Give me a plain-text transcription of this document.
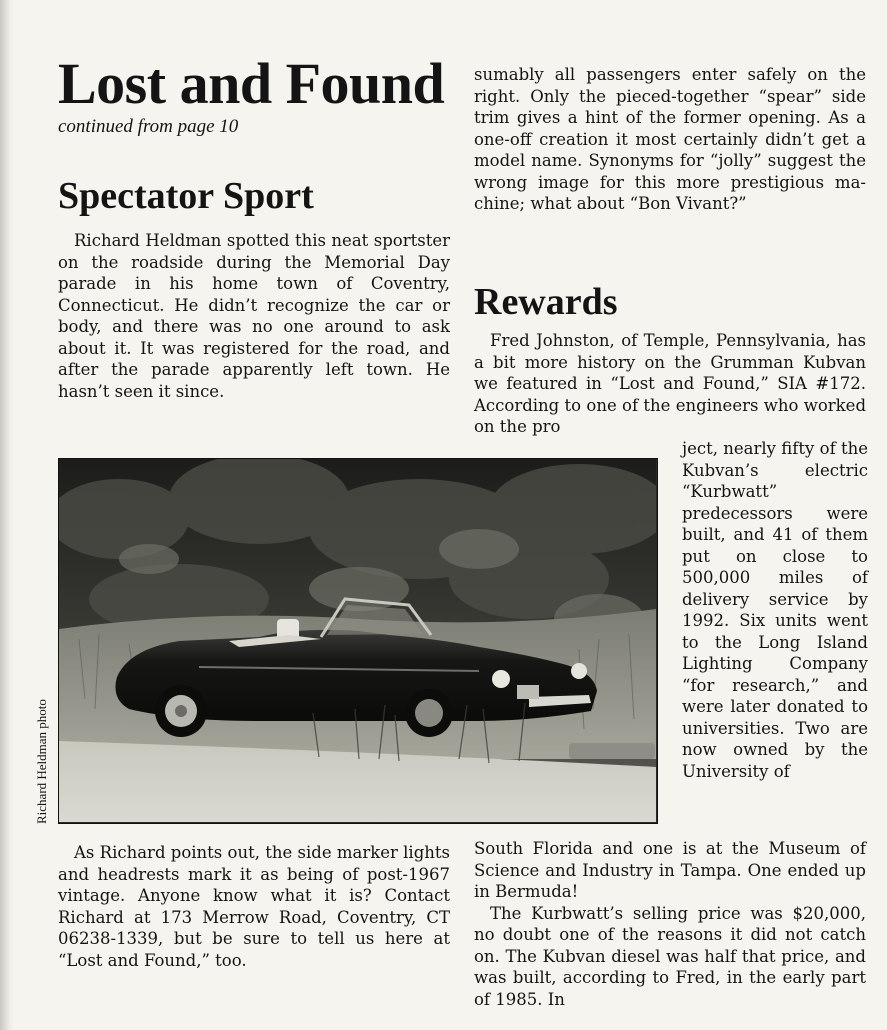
Lost and Found
continued from page 10
Spectator Sport

Richard Heldman spotted this neat sportster on the roadside during the Memorial Day parade in his home town of Coventry, Connecticut. He didn’t recognize the car or body, and there was no one around to ask about it. It was registered for the road, and after the parade apparently left town. He hasn’t seen it since.

sumably all passengers enter safely on the right. Only the pieced-together “spear” side trim gives a hint of the former opening. As a one-off creation it most certainly didn’t get a model name. Synonyms for “jolly” suggest the wrong image for this more prestigious machine; what about “Bon Vivant?”

Rewards

Fred Johnston, of Temple, Pennsylvania, has a bit more history on the Grumman Kubvan we featured in “Lost and Found,” SIA #172. According to one of the engineers who worked on the pro

ject, nearly fifty of the Kubvan’s electric “Kurbwatt” predecessors were built, and 41 of them put on close to 500,000 miles of delivery service by 1992. Six units went to the Long Island Lighting Company “for research,” and were later donated to universities. Two are now owned by the University of

South Florida and one is at the Museum of Science and Industry in Tampa. One ended up in Bermuda!

The Kurbwatt’s selling price was $20,000, no doubt one of the reasons it did not catch on. The Kubvan diesel was half that price, and was built, according to Fred, in the early part of 1985. In

Richard Heldman photo

As Richard points out, the side marker lights and headrests mark it as being of post-1967 vintage. Anyone know what it is? Contact Richard at 173 Merrow Road, Coventry, CT 06238-1339, but be sure to tell us here at “Lost and Found,” too.
